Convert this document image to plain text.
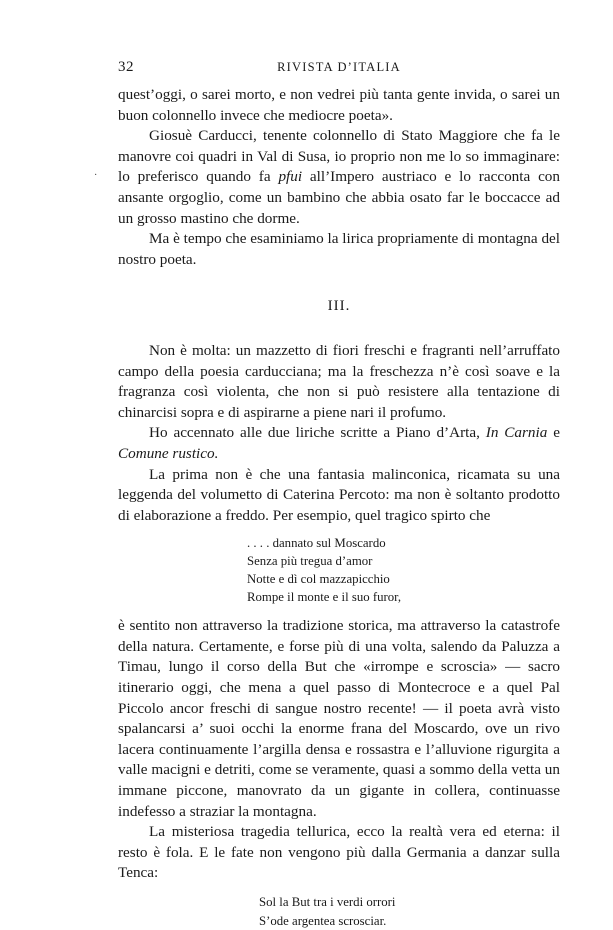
32	RIVISTA D’ITALIA
·

quest’oggi, o sarei morto, e non vedrei più tanta gente invida, o sarei un buon colonnello invece che mediocre poeta».

Giosuè Carducci, tenente colonnello di Stato Maggiore che fa le manovre coi quadri in Val di Susa, io proprio non me lo so immaginare: lo preferisco quando fa pfui all’Impero austriaco e lo racconta con ansante orgoglio, come un bambino che abbia osato far le boccacce ad un grosso mastino che dorme.

Ma è tempo che esaminiamo la lirica propriamente di montagna del nostro poeta.

III.

Non è molta: un mazzetto di fiori freschi e fragranti nell’arruffato campo della poesia carducciana; ma la freschezza n’è così soave e la fragranza così violenta, che non si può resistere alla tentazione di chinarcisi sopra e di aspirarne a piene nari il profumo.

Ho accennato alle due liriche scritte a Piano d’Arta, In Carnia e Comune rustico.

La prima non è che una fantasia malinconica, ricamata su una leggenda del volumetto di Caterina Percoto: ma non è soltanto prodotto di elaborazione a freddo. Per esempio, quel tragico spirto che

. . . . dannato sul Moscardo
Senza più tregua d’amor
Notte e dì col mazzapicchio
Rompe il monte e il suo furor,

è sentito non attraverso la tradizione storica, ma attraverso la catastrofe della natura. Certamente, e forse più di una volta, salendo da Paluzza a Timau, lungo il corso della But che «irrompe e scroscia» — sacro itinerario oggi, che mena a quel passo di Montecroce e a quel Pal Piccolo ancor freschi di sangue nostro recente! — il poeta avrà visto spalancarsi a’ suoi occhi la enorme frana del Moscardo, ove un rivo lacera continuamente l’argilla densa e rossastra e l’alluvione rigurgita a valle macigni e detriti, come se veramente, quasi a sommo della vetta un immane piccone, manovrato da un gigante in collera, continuasse indefesso a straziar la montagna.

La misteriosa tragedia tellurica, ecco la realtà vera ed eterna: il resto è fola. E le fate non vengono più dalla Germania a danzar sulla Tenca:

Sol la But tra i verdi orrori
S’ode argentea scrosciar.
